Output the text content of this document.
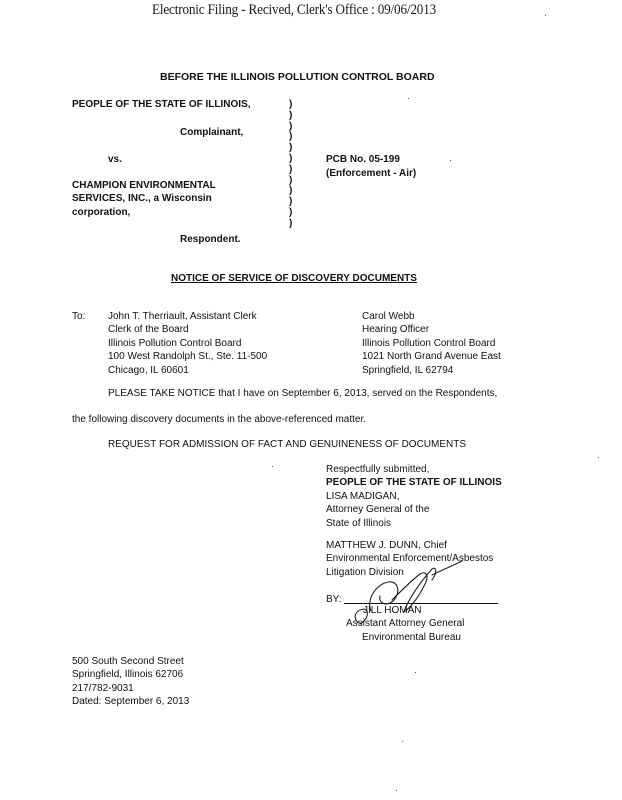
Electronic Filing - Recived, Clerk's Office : 09/06/2013
BEFORE THE ILLINOIS POLLUTION CONTROL BOARD
PEOPLE OF THE STATE OF ILLINOIS,
Complainant,
vs.
CHAMPION ENVIRONMENTAL
SERVICES, INC., a Wisconsin
corporation,
Respondent.
)
)
)
)
)
)
)
)
)
)
)
)
PCB No. 05-199
(Enforcement - Air)
NOTICE OF SERVICE OF DISCOVERY DOCUMENTS
To: John T. Therriault, Assistant Clerk
Clerk of the Board
Illinois Pollution Control Board
100 West Randolph St., Ste. 11-500
Chicago, IL 60601
Carol Webb
Hearing Officer
Illinois Pollution Control Board
1021 North Grand Avenue East
Springfield, IL 62794
PLEASE TAKE NOTICE that I have on September 6, 2013, served on the Respondents,
the following discovery documents in the above-referenced matter.
REQUEST FOR ADMISSION OF FACT AND GENUINENESS OF DOCUMENTS
Respectfully submitted,
PEOPLE OF THE STATE OF ILLINOIS
LISA MADIGAN,
Attorney General of the
State of Illinois
MATTHEW J. DUNN, Chief
Environmental Enforcement/Asbestos
Litigation Division
BY:
JILL HOMAN
Assistant Attorney General
Environmental Bureau
500 South Second Street
Springfield, Illinois 62706
217/782-9031
Dated: September 6, 2013
